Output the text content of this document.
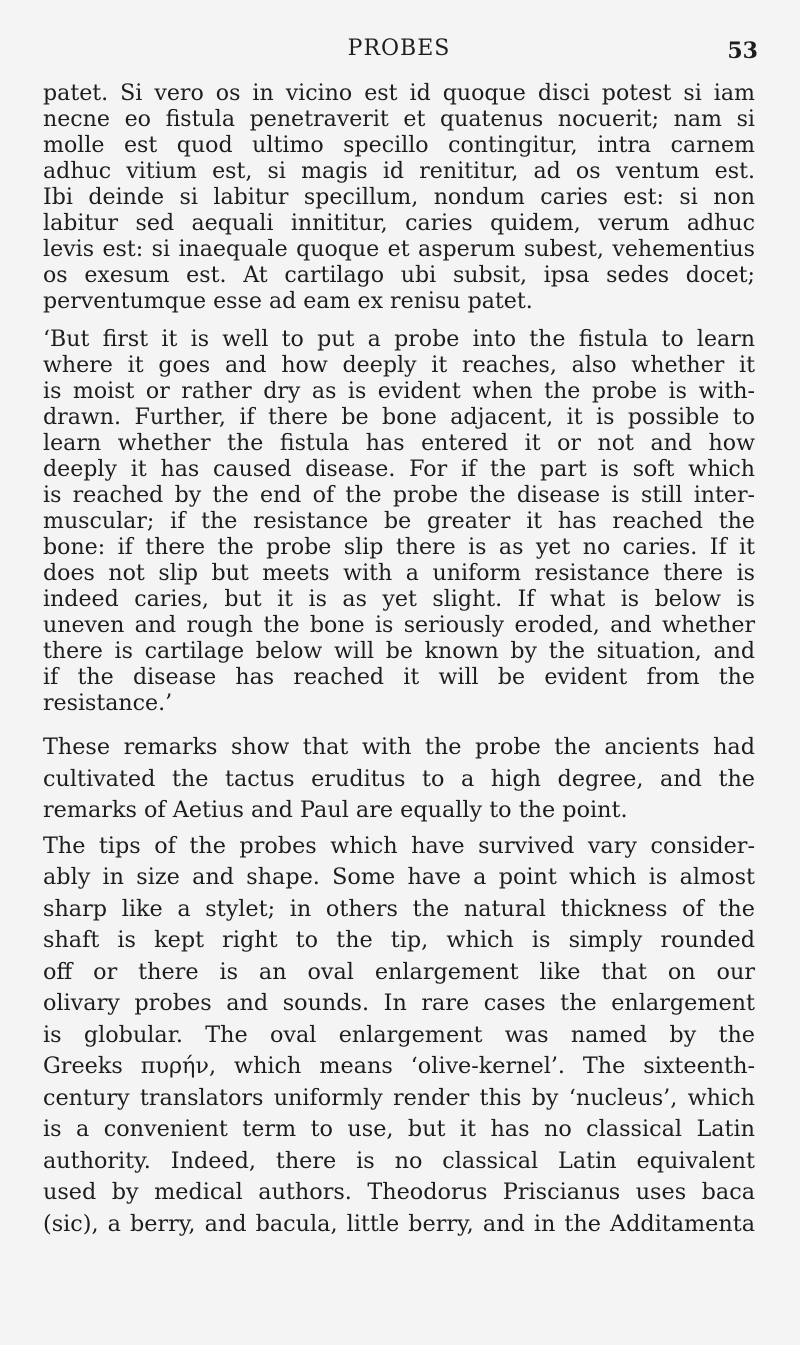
PROBES	53

patet. Si vero os in vicino est id quoque disci potest si iam
necne eo fistula penetraverit et quatenus nocuerit; nam si
molle est quod ultimo specillo contingitur, intra carnem
adhuc vitium est, si magis id renititur, ad os ventum est.
Ibi deinde si labitur specillum, nondum caries est: si non
labitur sed aequali innititur, caries quidem, verum adhuc
levis est: si inaequale quoque et asperum subest, vehementius
os exesum est. At cartilago ubi subsit, ipsa sedes docet;
perventumque esse ad eam ex renisu patet.

‘But first it is well to put a probe into the fistula to learn
where it goes and how deeply it reaches, also whether it
is moist or rather dry as is evident when the probe is with-
drawn. Further, if there be bone adjacent, it is possible to
learn whether the fistula has entered it or not and how
deeply it has caused disease. For if the part is soft which
is reached by the end of the probe the disease is still inter-
muscular; if the resistance be greater it has reached the
bone: if there the probe slip there is as yet no caries. If it
does not slip but meets with a uniform resistance there is
indeed caries, but it is as yet slight. If what is below is
uneven and rough the bone is seriously eroded, and whether
there is cartilage below will be known by the situation, and
if the disease has reached it will be evident from the
resistance.’

These remarks show that with the probe the ancients had
cultivated the tactus eruditus to a high degree, and the
remarks of Aetius and Paul are equally to the point.

The tips of the probes which have survived vary consider-
ably in size and shape. Some have a point which is almost
sharp like a stylet; in others the natural thickness of the
shaft is kept right to the tip, which is simply rounded
off or there is an oval enlargement like that on our
olivary probes and sounds. In rare cases the enlargement
is globular. The oval enlargement was named by the
Greeks πυρήν, which means ‘olive-kernel’. The sixteenth-
century translators uniformly render this by ‘nucleus’, which
is a convenient term to use, but it has no classical Latin
authority. Indeed, there is no classical Latin equivalent
used by medical authors. Theodorus Priscianus uses baca
(sic), a berry, and bacula, little berry, and in the Additamenta
